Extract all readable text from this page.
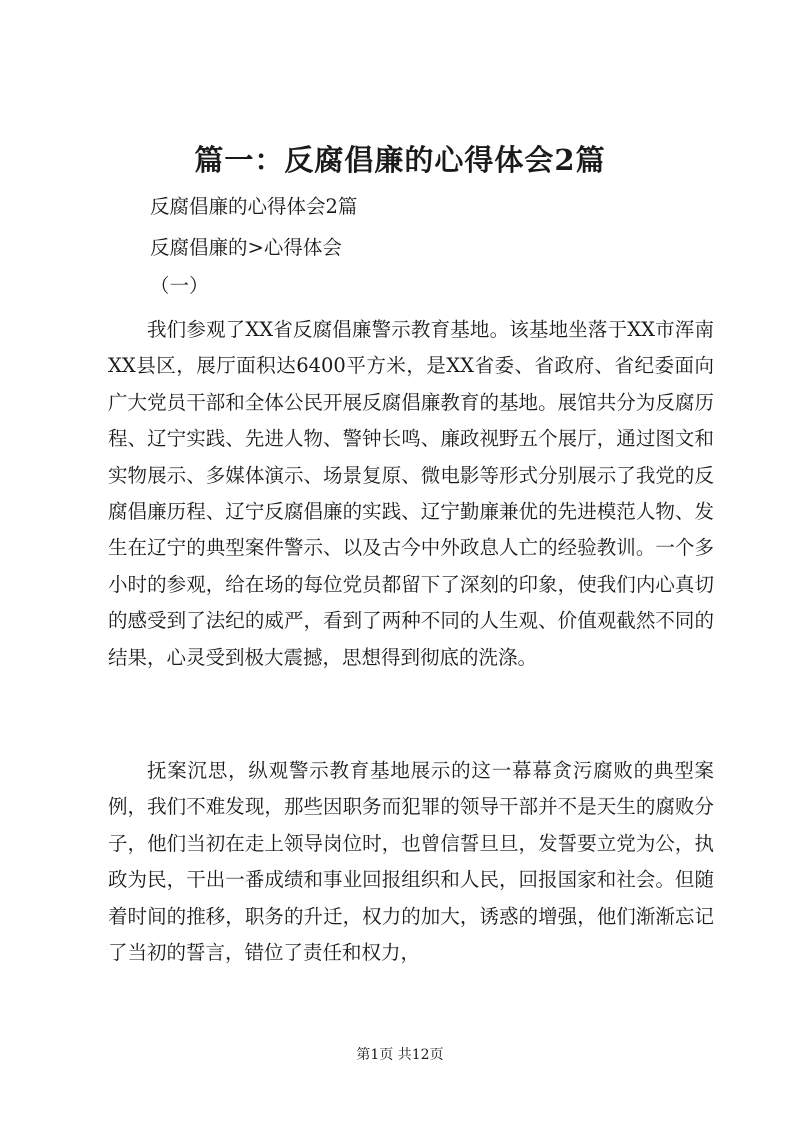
篇一：反腐倡廉的心得体会2篇

反腐倡廉的心得体会2篇

反腐倡廉的>心得体会

（一）

我们参观了XX省反腐倡廉警示教育基地。该基地坐落于XX市浑南XX县区，展厅面积达6400平方米，是XX省委、省政府、省纪委面向广大党员干部和全体公民开展反腐倡廉教育的基地。展馆共分为反腐历程、辽宁实践、先进人物、警钟长鸣、廉政视野五个展厅，通过图文和实物展示、多媒体演示、场景复原、微电影等形式分别展示了我党的反腐倡廉历程、辽宁反腐倡廉的实践、辽宁勤廉兼优的先进模范人物、发生在辽宁的典型案件警示、以及古今中外政息人亡的经验教训。一个多小时的参观，给在场的每位党员都留下了深刻的印象，使我们内心真切的感受到了法纪的威严，看到了两种不同的人生观、价值观截然不同的结果，心灵受到极大震撼，思想得到彻底的洗涤。

抚案沉思，纵观警示教育基地展示的这一幕幕贪污腐败的典型案例，我们不难发现，那些因职务而犯罪的领导干部并不是天生的腐败分子，他们当初在走上领导岗位时，也曾信誓旦旦，发誓要立党为公，执政为民，干出一番成绩和事业回报组织和人民，回报国家和社会。但随着时间的推移，职务的升迁，权力的加大，诱惑的增强，他们渐渐忘记了当初的誓言，错位了责任和权力，

第1页 共12页
